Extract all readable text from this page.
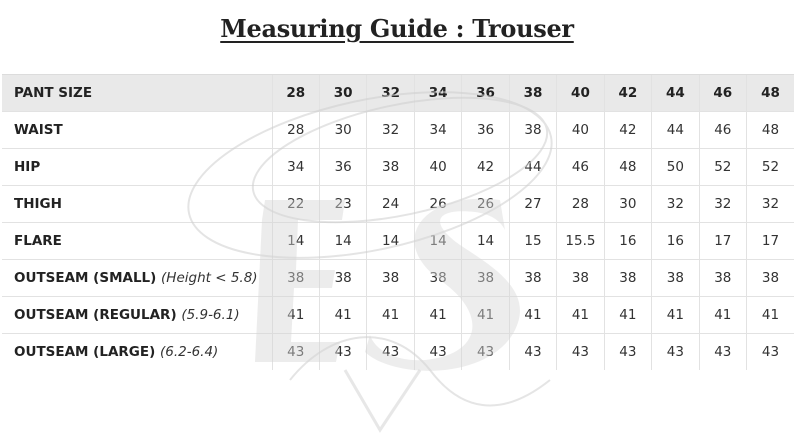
Measuring Guide : Trouser
PANT SIZE	28	30	32	34	36	38	40	42	44	46	48
WAIST	28	30	32	34	36	38	40	42	44	46	48
HIP	34	36	38	40	42	44	46	48	50	52	52
THIGH	22	23	24	26	26	27	28	30	32	32	32
FLARE	14	14	14	14	14	15	15.5	16	16	17	17
OUTSEAM (SMALL) (Height < 5.8)	38	38	38	38	38	38	38	38	38	38	38
OUTSEAM (REGULAR) (5.9-6.1)	41	41	41	41	41	41	41	41	41	41	41
OUTSEAM (LARGE) (6.2-6.4)	43	43	43	43	43	43	43	43	43	43	43
